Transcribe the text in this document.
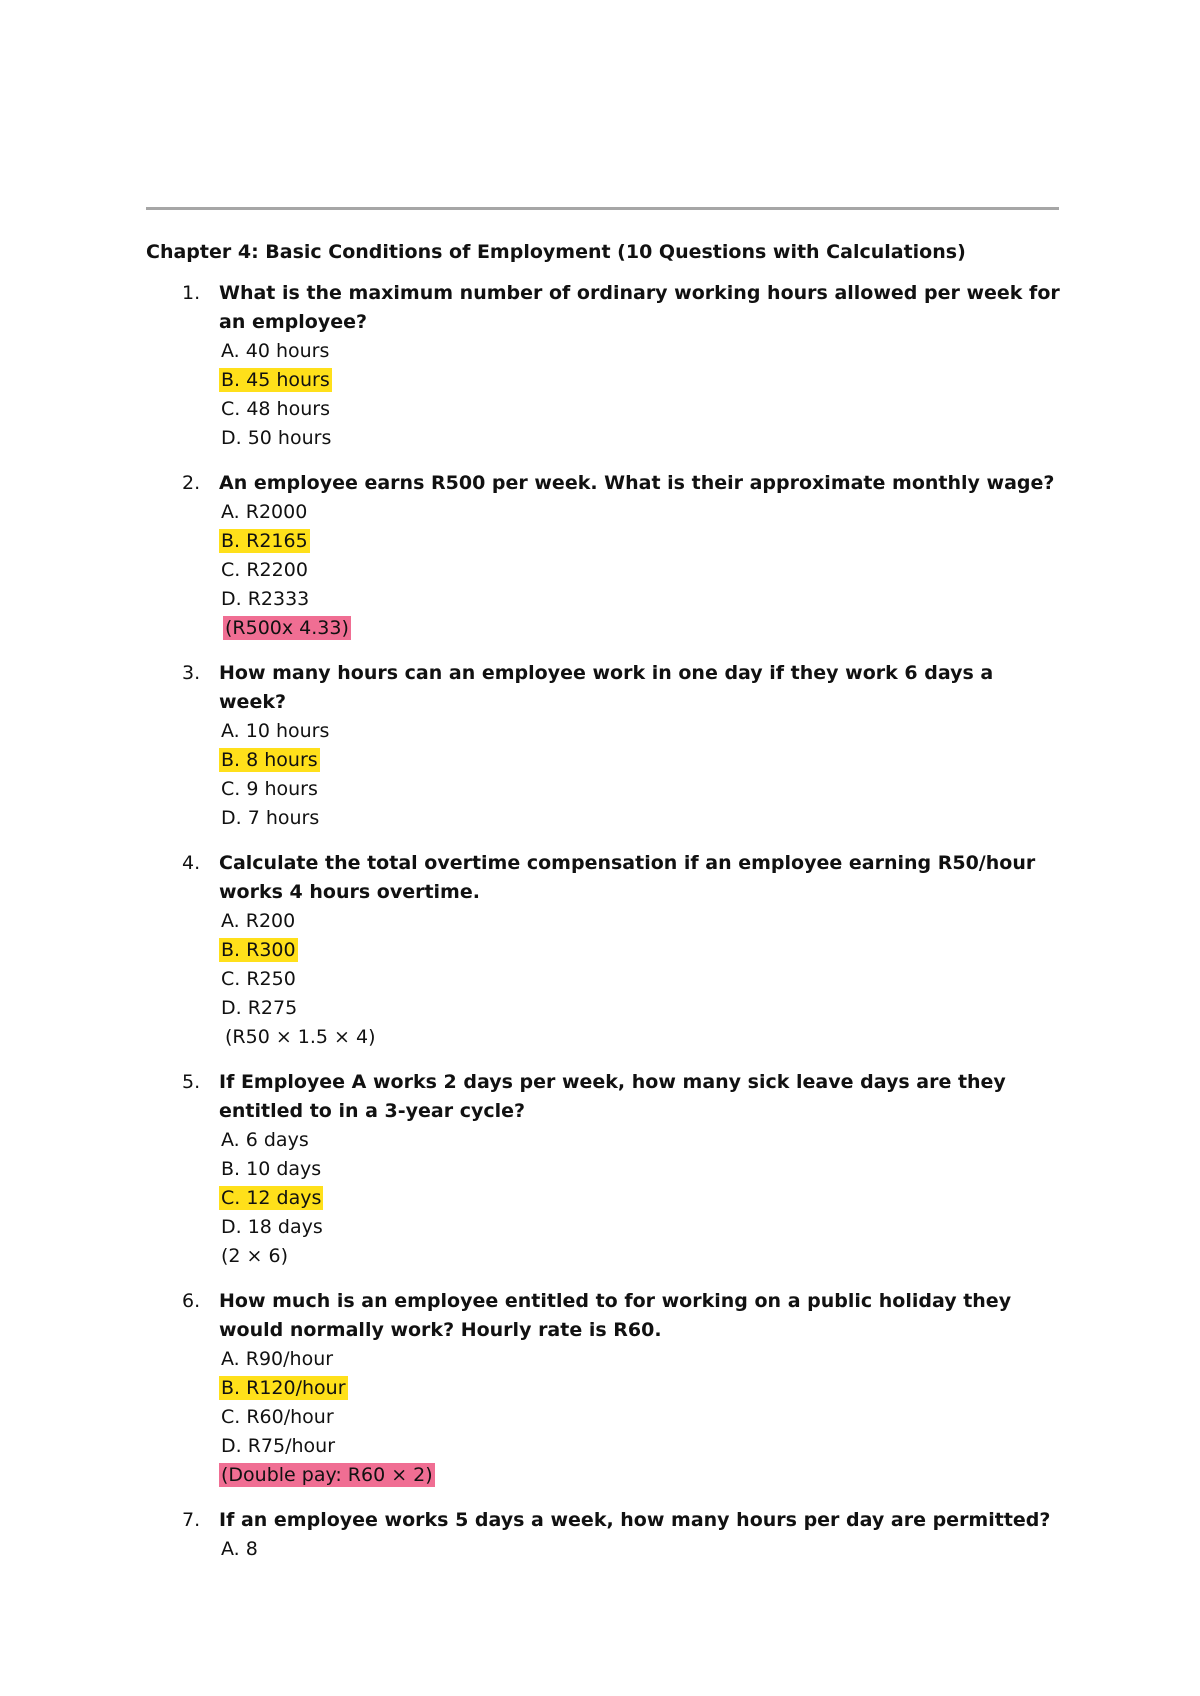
Chapter 4: Basic Conditions of Employment (10 Questions with Calculations)
1. What is the maximum number of ordinary working hours allowed per week for an employee?
A. 40 hours
B. 45 hours
C. 48 hours
D. 50 hours
2. An employee earns R500 per week. What is their approximate monthly wage?
A. R2000
B. R2165
C. R2200
D. R2333
(R500x 4.33)
3. How many hours can an employee work in one day if they work 6 days a week?
A. 10 hours
B. 8 hours
C. 9 hours
D. 7 hours
4. Calculate the total overtime compensation if an employee earning R50/hour works 4 hours overtime.
A. R200
B. R300
C. R250
D. R275
(R50 × 1.5 × 4)
5. If Employee A works 2 days per week, how many sick leave days are they entitled to in a 3-year cycle?
A. 6 days
B. 10 days
C. 12 days
D. 18 days
(2 × 6)
6. How much is an employee entitled to for working on a public holiday they would normally work? Hourly rate is R60.
A. R90/hour
B. R120/hour
C. R60/hour
D. R75/hour
(Double pay: R60 × 2)
7. If an employee works 5 days a week, how many hours per day are permitted?
A. 8
